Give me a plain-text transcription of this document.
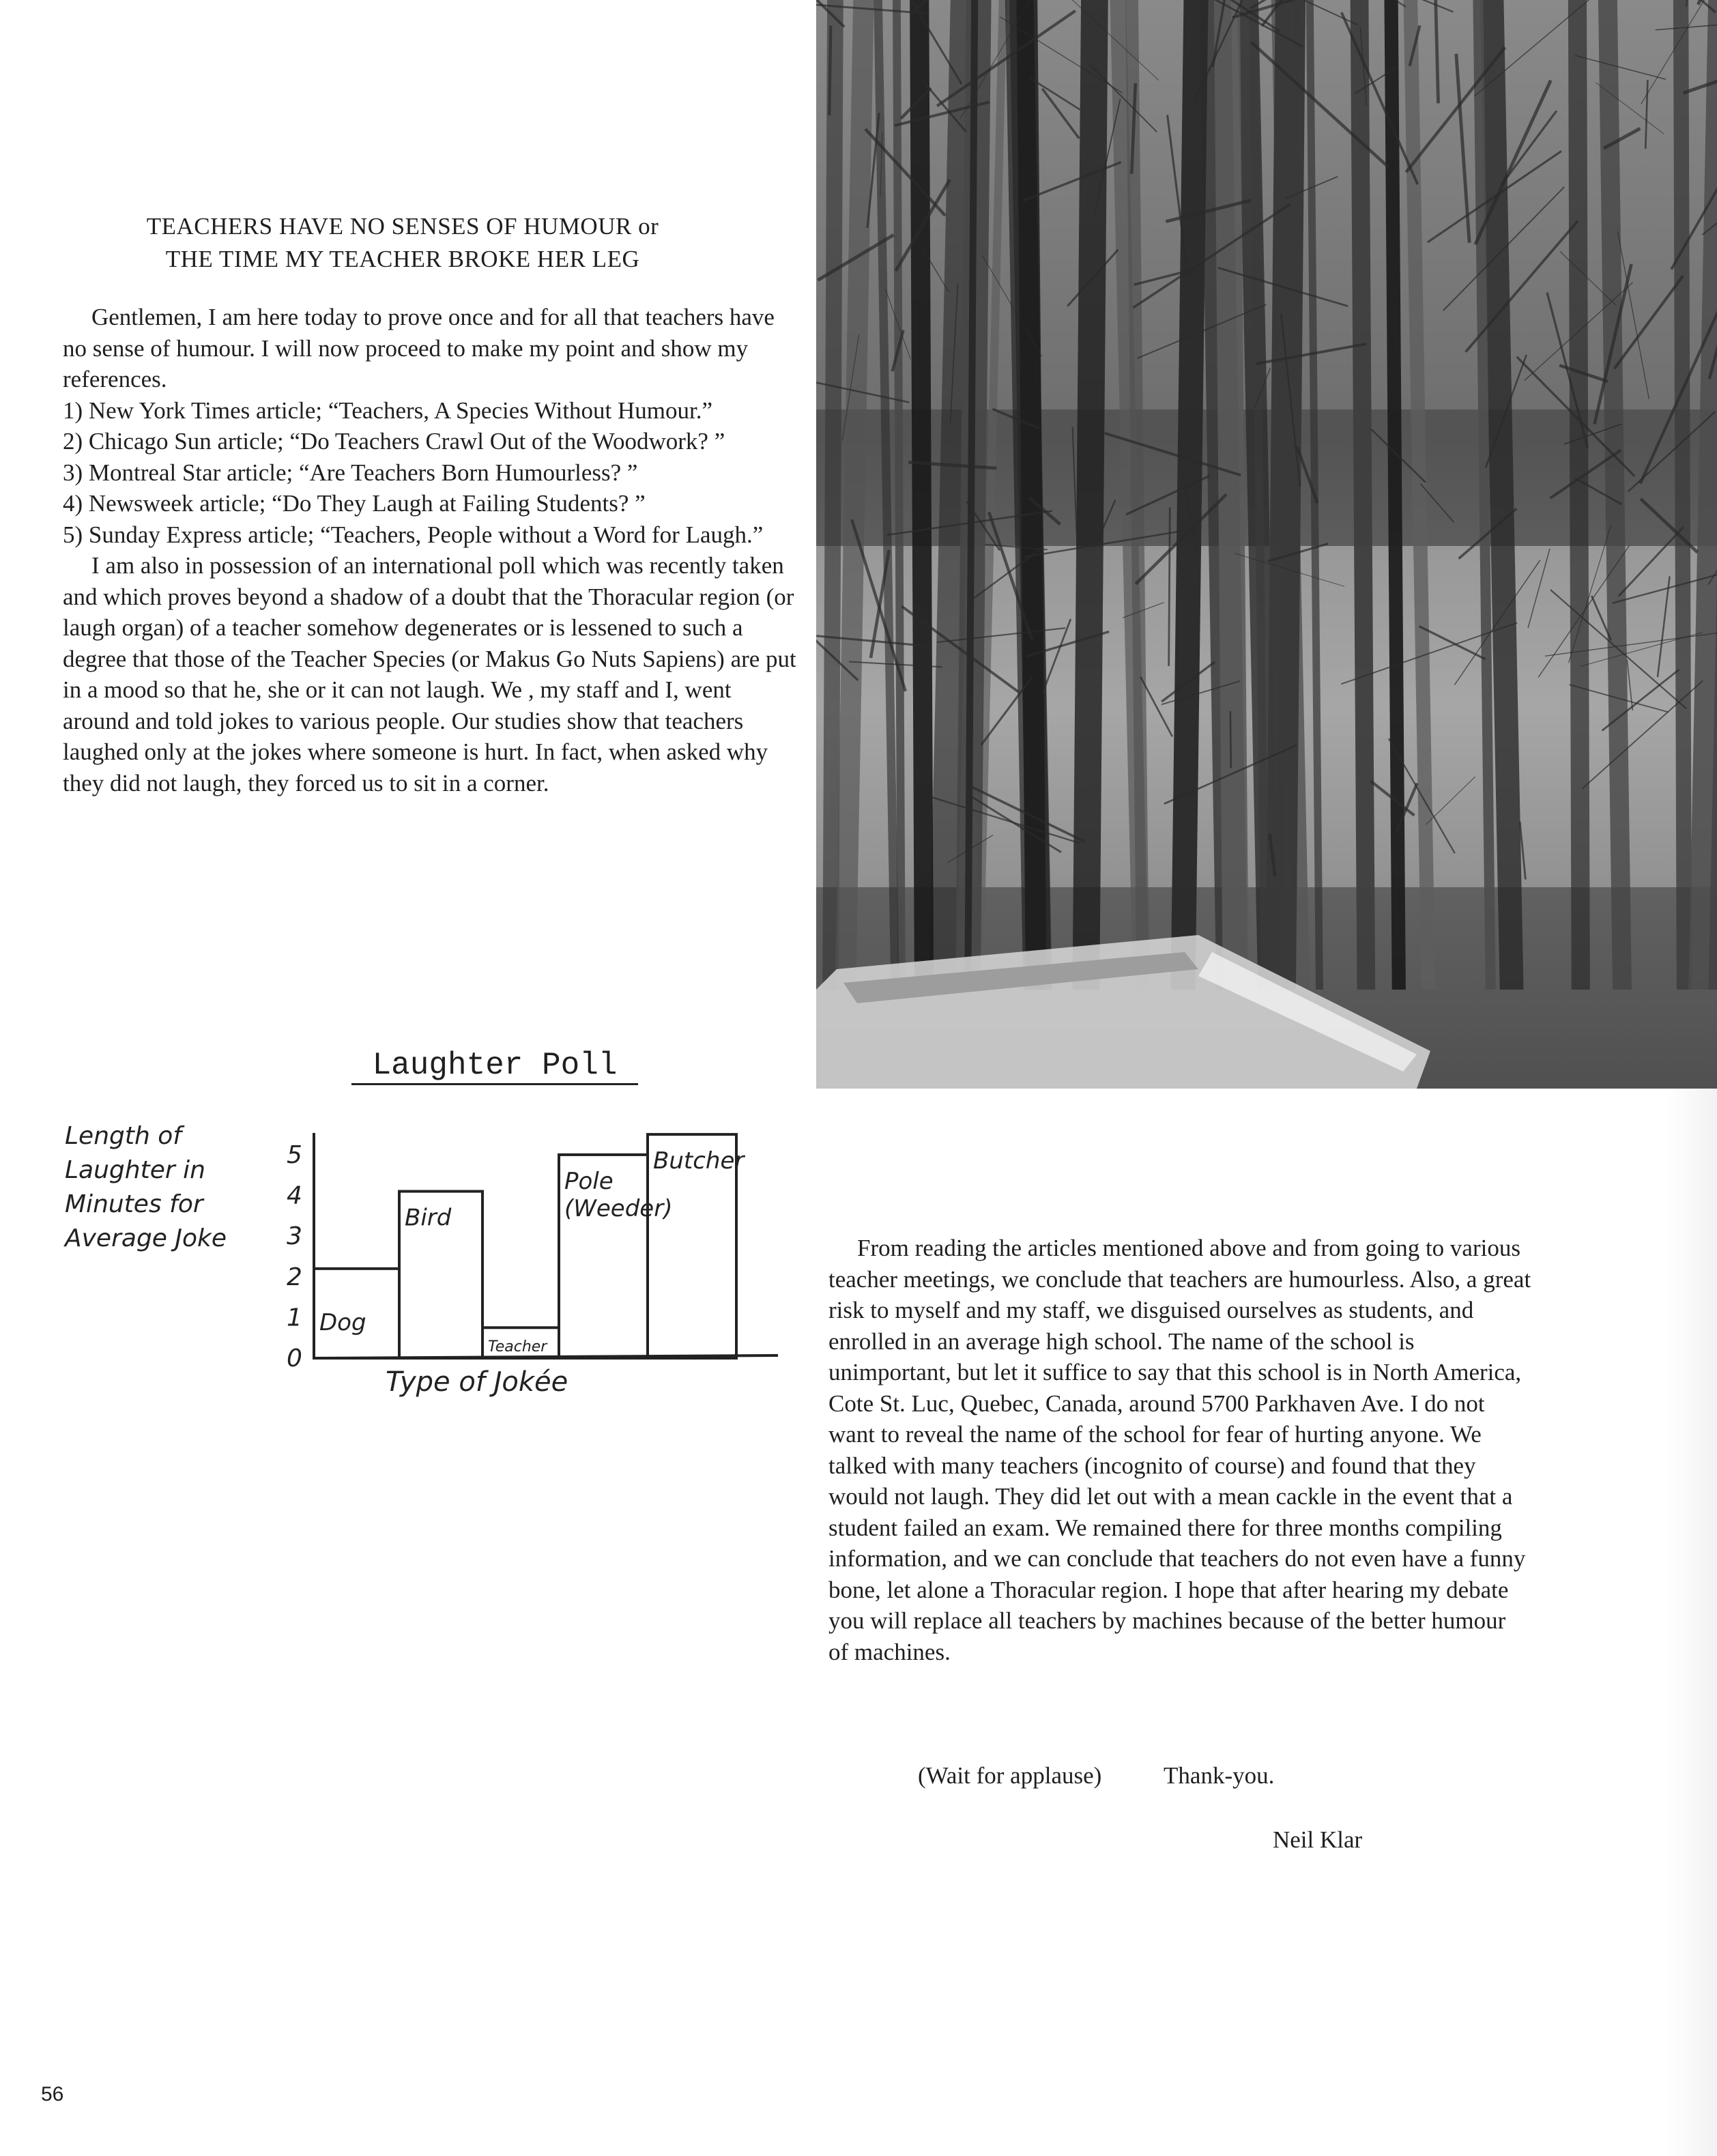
TEACHERS HAVE NO SENSES OF HUMOUR or
THE TIME MY TEACHER BROKE HER LEG

Gentlemen, I am here today to prove once and for all that teachers have no sense of humour. I will now proceed to make my point and show my references.

1) New York Times article; “Teachers, A Species Without Humour.”
2) Chicago Sun article; “Do Teachers Crawl Out of the Woodwork? ”
3) Montreal Star article; “Are Teachers Born Humourless? ”
4) Newsweek article; “Do They Laugh at Failing Students? ”
5) Sunday Express article; “Teachers, People without a Word for Laugh.”

I am also in possession of an international poll which was recently taken and which proves beyond a shadow of a doubt that the Thoracular region (or laugh organ) of a teacher somehow degenerates or is lessened to such a degree that those of the Teacher Species (or Makus Go Nuts Sapiens) are put in a mood so that he, she or it can not laugh. We , my staff and I, went around and told jokes to various people. Our studies show that teachers laughed only at the jokes where someone is hurt. In fact, when asked why they did not laugh, they forced us to sit in a corner.

Laughter Poll
Length of Laughter in Minutes for Average Joke
Type of Jokée
0
1
2
3
4
5
Dog
Bird
Teacher
Pole
(Weeder)
Butcher

From reading the articles mentioned above and from going to various teacher meetings, we conclude that teachers are humourless. Also, a great risk to myself and my staff, we disguised ourselves as students, and enrolled in an average high school. The name of the school is unimportant, but let it suffice to say that this school is in North America, Cote St. Luc, Quebec, Canada, around 5700 Parkhaven Ave. I do not want to reveal the name of the school for fear of hurting anyone. We talked with many teachers (incognito of course) and found that they would not laugh. They did let out with a mean cackle in the event that a student failed an exam. We remained there for three months compiling information, and we can conclude that teachers do not even have a funny bone, let alone a Thoracular region. I hope that after hearing my debate you will replace all teachers by machines because of the better humour of machines.

(Wait for applause)	Thank-you.
Neil Klar
56
